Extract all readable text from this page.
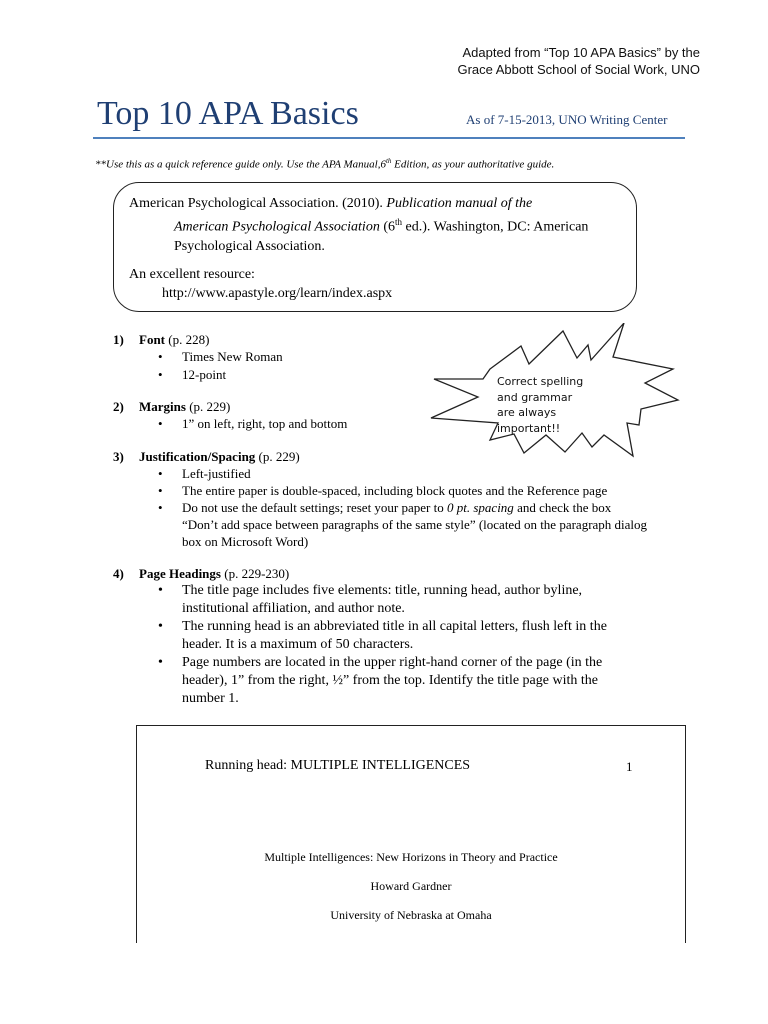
Adapted from “Top 10 APA Basics” by the
Grace Abbott School of Social Work, UNO
Top 10 APA Basics	As of 7-15-2013, UNO Writing Center
**Use this as a quick reference guide only. Use the APA Manual,6th Edition, as your authoritative guide.
American Psychological Association. (2010). Publication manual of the
American Psychological Association (6th ed.). Washington, DC: American
Psychological Association.
An excellent resource:
http://www.apastyle.org/learn/index.aspx
Correct spelling
and grammar
are always
important!!
1) Font (p. 228)
• Times New Roman
• 12-point
2) Margins (p. 229)
• 1” on left, right, top and bottom
3) Justification/Spacing (p. 229)
• Left-justified
• The entire paper is double-spaced, including block quotes and the Reference page
• Do not use the default settings; reset your paper to 0 pt. spacing and check the box
“Don’t add space between paragraphs of the same style” (located on the paragraph dialog
box on Microsoft Word)
4) Page Headings (p. 229-230)
• The title page includes five elements: title, running head, author byline,
institutional affiliation, and author note.
• The running head is an abbreviated title in all capital letters, flush left in the
header. It is a maximum of 50 characters.
• Page numbers are located in the upper right-hand corner of the page (in the
header), 1” from the right, ½” from the top. Identify the title page with the
number 1.
Running head: MULTIPLE INTELLIGENCES	1
Multiple Intelligences: New Horizons in Theory and Practice
Howard Gardner
University of Nebraska at Omaha
